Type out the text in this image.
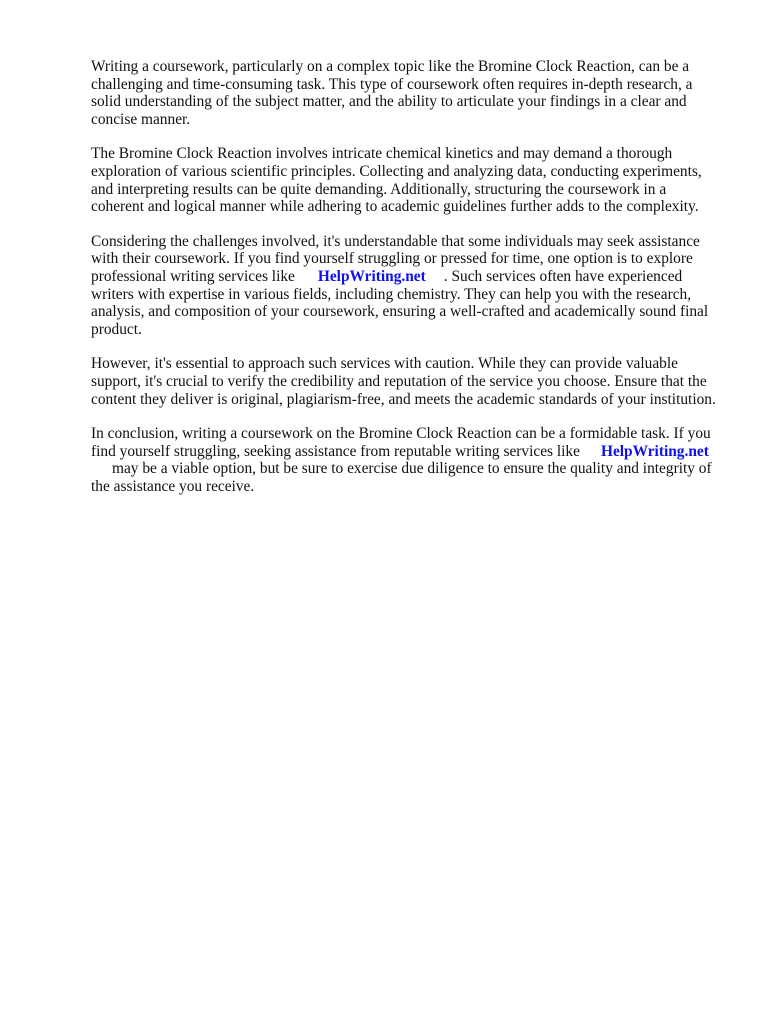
Writing a coursework, particularly on a complex topic like the Bromine Clock Reaction, can be a
challenging and time-consuming task. This type of coursework often requires in-depth research, a
solid understanding of the subject matter, and the ability to articulate your findings in a clear and
concise manner.

The Bromine Clock Reaction involves intricate chemical kinetics and may demand a thorough
exploration of various scientific principles. Collecting and analyzing data, conducting experiments,
and interpreting results can be quite demanding. Additionally, structuring the coursework in a
coherent and logical manner while adhering to academic guidelines further adds to the complexity.

Considering the challenges involved, it's understandable that some individuals may seek assistance
with their coursework. If you find yourself struggling or pressed for time, one option is to explore
professional writing services like HelpWriting.net . Such services often have experienced
writers with expertise in various fields, including chemistry. They can help you with the research,
analysis, and composition of your coursework, ensuring a well-crafted and academically sound final
product.

However, it's essential to approach such services with caution. While they can provide valuable
support, it's crucial to verify the credibility and reputation of the service you choose. Ensure that the
content they deliver is original, plagiarism-free, and meets the academic standards of your institution.

In conclusion, writing a coursework on the Bromine Clock Reaction can be a formidable task. If you
find yourself struggling, seeking assistance from reputable writing services like HelpWriting.net
may be a viable option, but be sure to exercise due diligence to ensure the quality and integrity of
the assistance you receive.
